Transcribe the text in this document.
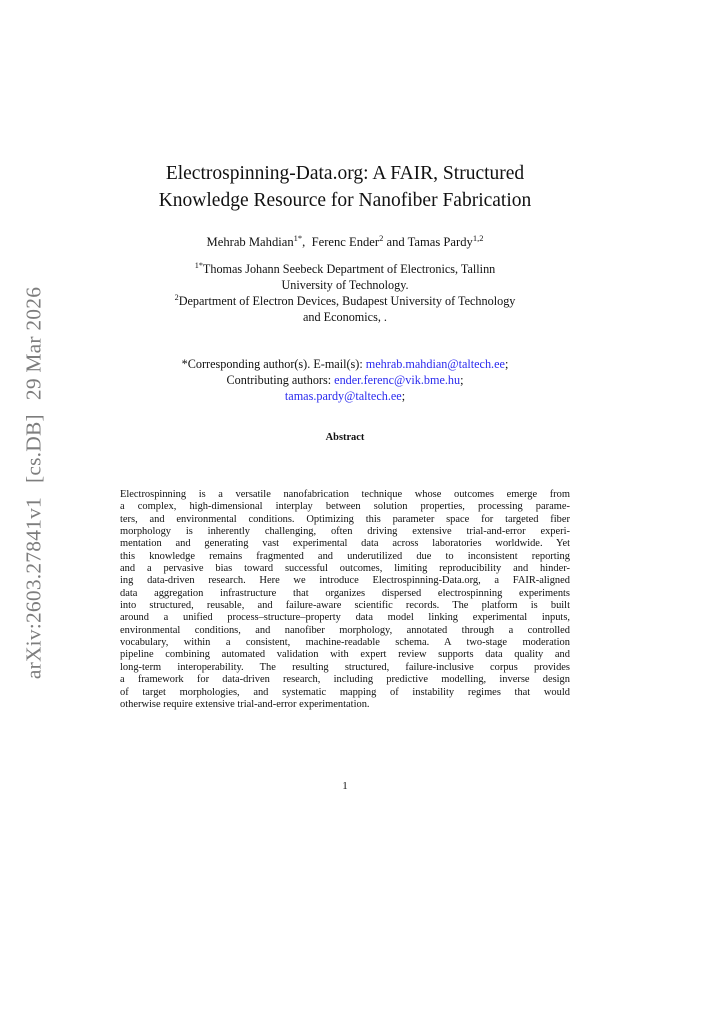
arXiv:2603.27841v1[cs.DB]29 Mar 2026
Electrospinning-Data.org: A FAIR, Structured
Knowledge Resource for Nanofiber Fabrication
Mehrab Mahdian$^{1*}$,  Ferenc Ender$^2$ and Tamas Pardy$^{1,2}$
$^{1*}$Thomas Johann Seebeck Department of Electronics, Tallinn
University of Technology.
$^2$Department of Electron Devices, Budapest University of Technology
and Economics, .
*Corresponding author(s). E-mail(s): mehrab.mahdian@taltech.ee;
Contributing authors: ender.ferenc@vik.bme.hu;
tamas.pardy@taltech.ee;
Abstract
Electrospinning is a versatile nanofabrication technique whose outcomes emerge from
a complex, high-dimensional interplay between solution properties, processing parame-
ters, and environmental conditions. Optimizing this parameter space for targeted fiber
morphology is inherently challenging, often driving extensive trial-and-error experi-
mentation and generating vast experimental data across laboratories worldwide. Yet
this knowledge remains fragmented and underutilized due to inconsistent reporting
and a pervasive bias toward successful outcomes, limiting reproducibility and hinder-
ing data-driven research. Here we introduce Electrospinning-Data.org, a FAIR-aligned
data aggregation infrastructure that organizes dispersed electrospinning experiments
into structured, reusable, and failure-aware scientific records. The platform is built
around a unified process–structure–property data model linking experimental inputs,
environmental conditions, and nanofiber morphology, annotated through a controlled
vocabulary, within a consistent, machine-readable schema. A two-stage moderation
pipeline combining automated validation with expert review supports data quality and
long-term interoperability. The resulting structured, failure-inclusive corpus provides
a framework for data-driven research, including predictive modelling, inverse design
of target morphologies, and systematic mapping of instability regimes that would
otherwise require extensive trial-and-error experimentation.
1
